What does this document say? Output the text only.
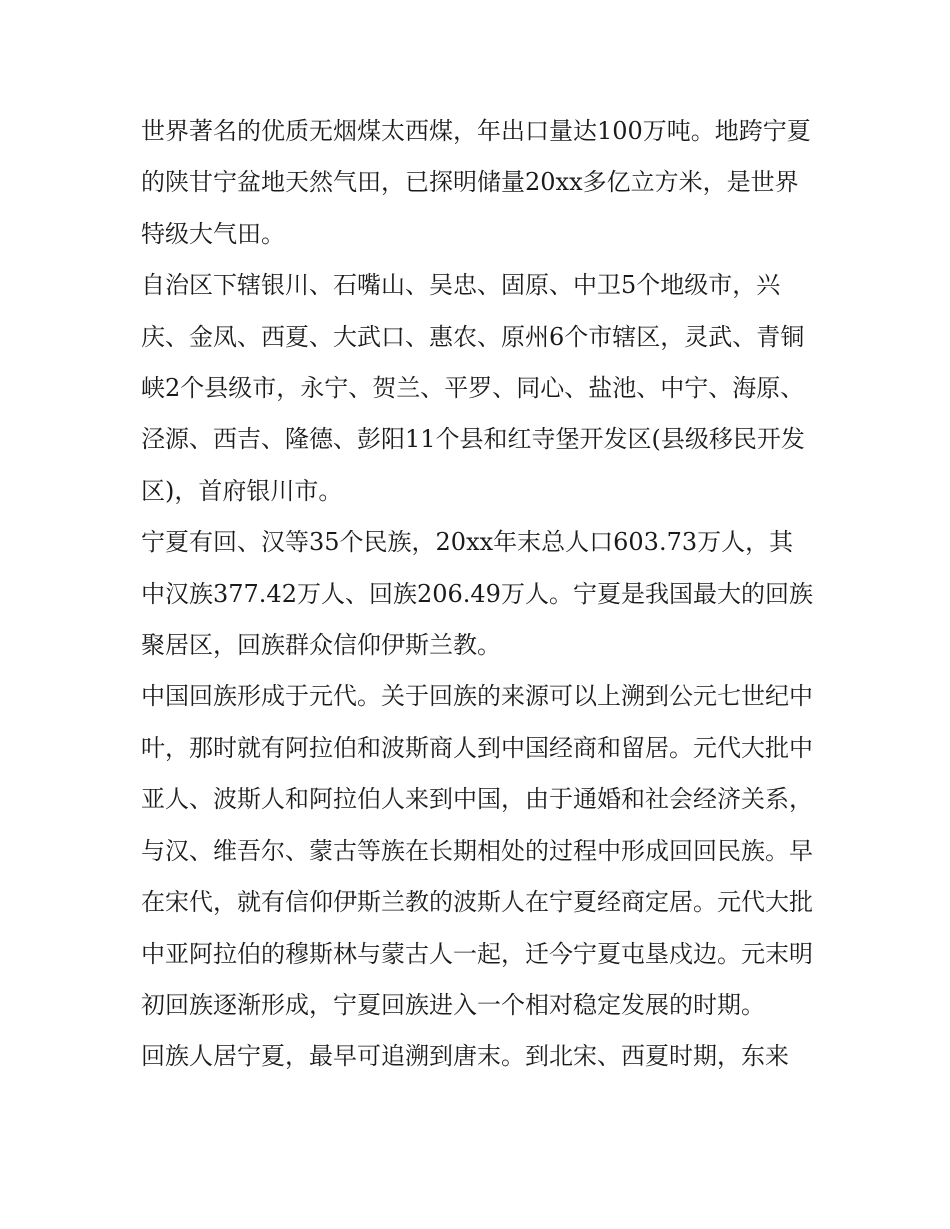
世界著名的优质无烟煤太西煤，年出口量达100万吨。地跨宁夏的陕甘宁盆地天然气田，已探明储量20xx多亿立方米，是世界特级大气田。

自治区下辖银川、石嘴山、吴忠、固原、中卫5个地级市，兴庆、金凤、西夏、大武口、惠农、原州6个市辖区，灵武、青铜峡2个县级市，永宁、贺兰、平罗、同心、盐池、中宁、海原、泾源、西吉、隆德、彭阳11个县和红寺堡开发区(县级移民开发区)，首府银川市。

宁夏有回、汉等35个民族，20xx年末总人口603.73万人，其中汉族377.42万人、回族206.49万人。宁夏是我国最大的回族聚居区，回族群众信仰伊斯兰教。

中国回族形成于元代。关于回族的来源可以上溯到公元七世纪中叶，那时就有阿拉伯和波斯商人到中国经商和留居。元代大批中亚人、波斯人和阿拉伯人来到中国，由于通婚和社会经济关系，与汉、维吾尔、蒙古等族在长期相处的过程中形成回回民族。早在宋代，就有信仰伊斯兰教的波斯人在宁夏经商定居。元代大批中亚阿拉伯的穆斯林与蒙古人一起，迁今宁夏屯垦戍边。元末明初回族逐渐形成，宁夏回族进入一个相对稳定发展的时期。

回族人居宁夏，最早可追溯到唐末。到北宋、西夏时期，东来
